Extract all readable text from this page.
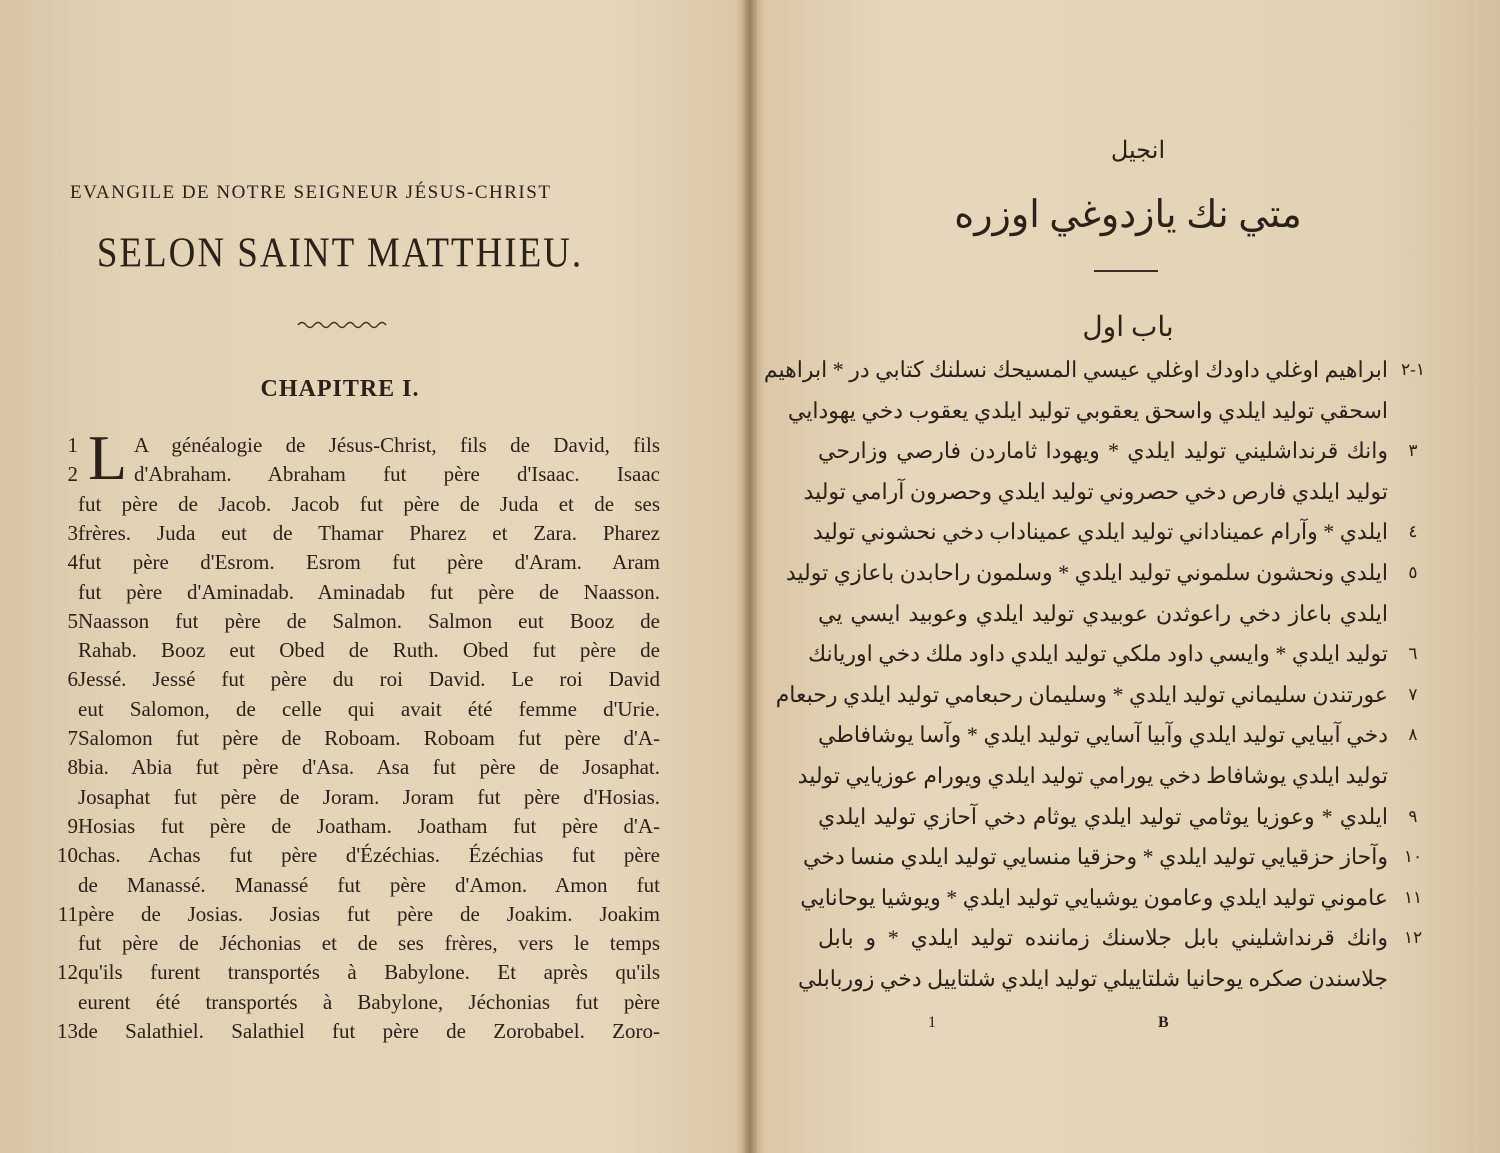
EVANGILE DE NOTRE SEIGNEUR JÉSUS-CHRIST
SELON SAINT MATTHIEU.
CHAPITRE I.
1	A généalogie de Jésus-Christ, fils de David, fils
2	d'Abraham. Abraham fut père d'Isaac. Isaac
fut père de Jacob. Jacob fut père de Juda et de ses
3 frères. Juda eut de Thamar Pharez et Zara. Pharez
4 fut père d'Esrom. Esrom fut père d'Aram. Aram
fut père d'Aminadab. Aminadab fut père de Naasson.
5 Naasson fut père de Salmon. Salmon eut Booz de
Rahab. Booz eut Obed de Ruth. Obed fut père de
6 Jessé. Jessé fut père du roi David. Le roi David
eut Salomon, de celle qui avait été femme d'Urie.
7 Salomon fut père de Roboam. Roboam fut père d'A-
8 bia. Abia fut père d'Asa. Asa fut père de Josaphat.
Josaphat fut père de Joram. Joram fut père d'Hosias.
9 Hosias fut père de Joatham. Joatham fut père d'A-
10 chas. Achas fut père d'Ézéchias. Ézéchias fut père
de Manassé. Manassé fut père d'Amon. Amon fut
11 père de Josias. Josias fut père de Joakim. Joakim
fut père de Jéchonias et de ses frères, vers le temps
12 qu'ils furent transportés à Babylone. Et après qu'ils
eurent été transportés à Babylone, Jéchonias fut père
13 de Salathiel. Salathiel fut père de Zorobabel. Zoro-
L
انجيل
متي نك يازدوغي اوزره
باب اول
ابراهيم اوغلي داودك اوغلي عيسي المسيحك نسلنك كتابي در * ابراهيم ١-٢
اسحقي توليد ايلدي واسحق يعقوبي توليد ايلدي يعقوب دخي يهودايي
وانك قرنداشليني توليد ايلدي * ويهودا ثاماردن فارصي وزارحي	٣
توليد ايلدي فارص دخي حصروني توليد ايلدي وحصرون آرامي توليد
ايلدي * وآرام عميناداني توليد ايلدي عميناداب دخي نحشوني توليد	٤
ايلدي ونحشون سلموني توليد ايلدي * وسلمون راحابدن باعازي توليد	٥
ايلدي باعاز دخي راعوثدن عوبيدي توليد ايلدي وعوبيد ايسي يي
توليد ايلدي * وايسي داود ملكي توليد ايلدي داود ملك دخي اوريانك	٦
عورتندن سليماني توليد ايلدي * وسليمان رحبعامي توليد ايلدي رحبعام	٧
دخي آبيايي توليد ايلدي وآبيا آسايي توليد ايلدي * وآسا يوشافاطي	٨
توليد ايلدي يوشافاط دخي يورامي توليد ايلدي ويورام عوزيايي توليد
ايلدي * وعوزيا يوثامي توليد ايلدي يوثام دخي آحازي توليد ايلدي	٩
وآحاز حزقيايي توليد ايلدي * وحزقيا منسايي توليد ايلدي منسا دخي ١٠
عاموني توليد ايلدي وعامون يوشيايي توليد ايلدي * ويوشيا يوحانايي ١١
وانك قرنداشليني بابل جلاسنك زماننده توليد ايلدي * و بابل ١٢
جلاسندن صكره يوحانيا شلتاييلي توليد ايلدي شلتاييل دخي زوربابلي
1	B
